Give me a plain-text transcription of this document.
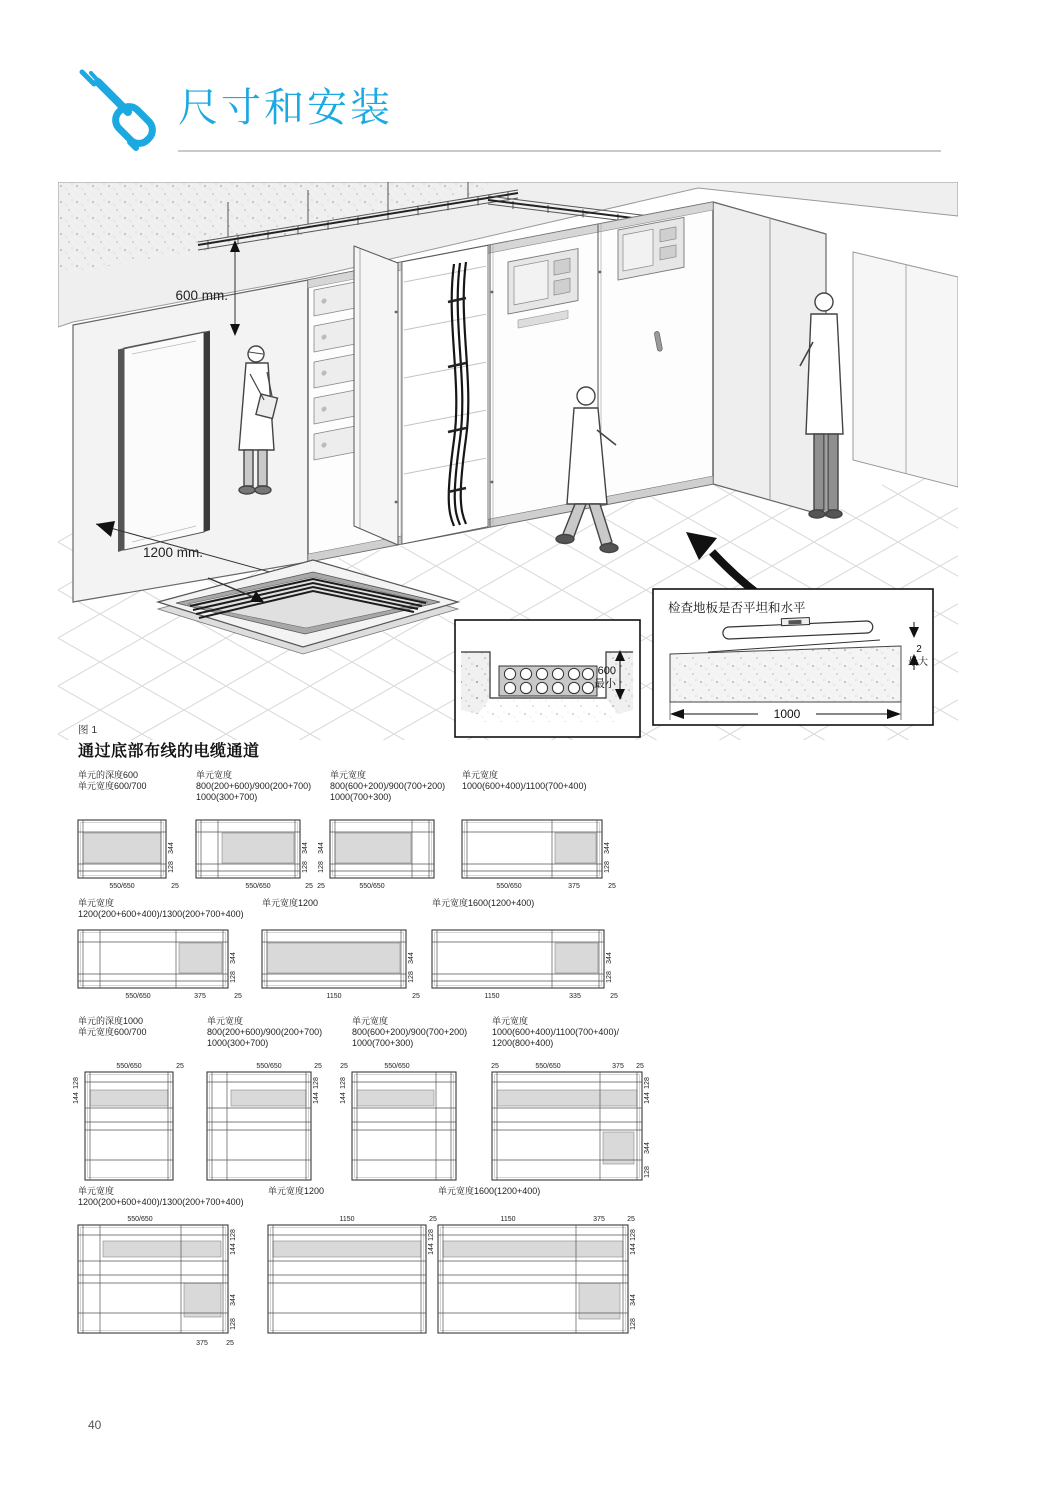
尺寸和安装
600 mm.
1200 mm.
600
最小
检查地板是否平坦和水平
1000
2
最大
图 1
通过底部布线的电缆通道
单元的深度600
单元宽度600/700
单元宽度
800(200+600)/900(200+700)
1000(300+700)
单元宽度
800(600+200)/900(700+200)
1000(700+300)
单元宽度
1000(600+400)/1100(700+400)
550/650
344
128
25	550/650
344
128
25	550/650
344
128
25	550/650	375
344
128
25
单元宽度
1200(200+600+400)/1300(200+700+400)
单元宽度1200	单元宽度1600(1200+400)
550/650	375
344
128
25	1150
344
128
25	1150	335
344
128
25
单元的深度1000
单元宽度600/700
单元宽度
800(200+600)/900(200+700)
1000(300+700)
单元宽度
800(600+200)/900(700+200)
1000(700+300)
单元宽度
1000(600+400)/1100(700+400)/
1200(800+400)
550/650	25
128
144
550/650	25
128
144
25	550/650
128
144
25	550/650	375 25
128
144
344
128
单元宽度
1200(200+600+400)/1300(200+700+400)
单元宽度1200	单元宽度1600(1200+400)
550/650
128
144
344
128
375	25
1150	25
128
144
1150	375	25
128
144
344
128
40
